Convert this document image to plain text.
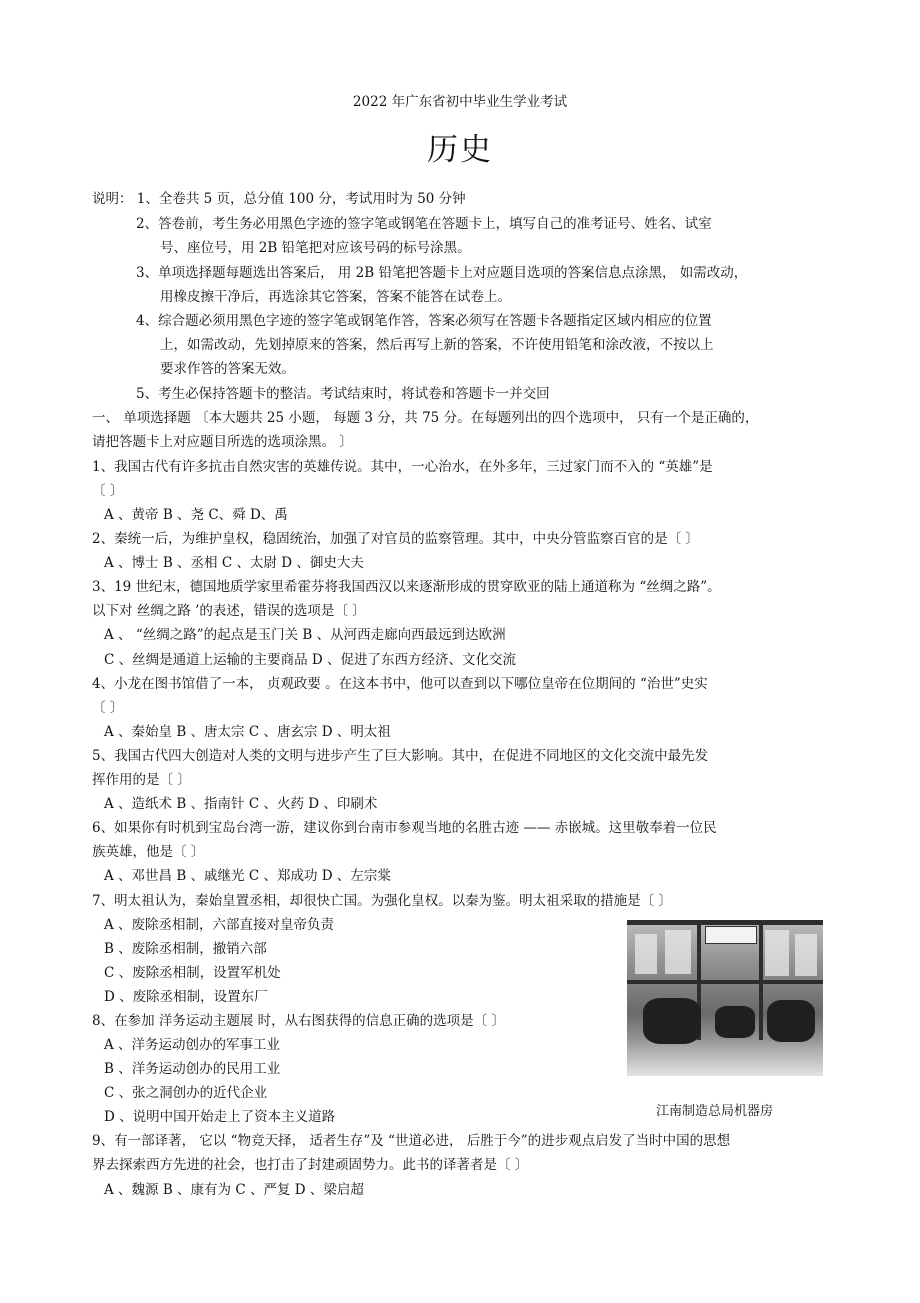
2022 年广东省初中毕业生学业考试
历史
说明： 1、全卷共 5 页，总分值 100 分，考试用时为 50 分钟
2、答卷前，考生务必用黑色字迹的签字笔或钢笔在答题卡上，填写自己的准考证号、姓名、试室
号、座位号，用 2B 铅笔把对应该号码的标号涂黑。
3、单项选择题每题选出答案后， 用 2B 铅笔把答题卡上对应题目选项的答案信息点涂黑， 如需改动，
用橡皮擦干净后，再选涂其它答案，答案不能答在试卷上。
4、综合题必须用黑色字迹的签字笔或钢笔作答，答案必须写在答题卡各题指定区域内相应的位置
上，如需改动，先划掉原来的答案，然后再写上新的答案，不许使用铅笔和涂改液，不按以上
要求作答的答案无效。
5、考生必保持答题卡的整洁。考试结束时，将试卷和答题卡一并交回
一、 单项选择题 〔本大题共 25 小题， 每题 3 分，共 75 分。在每题列出的四个选项中， 只有一个是正确的，
请把答题卡上对应题目所选的选项涂黑。 〕
1、我国古代有许多抗击自然灾害的英雄传说。其中，一心治水，在外多年，三过家门而不入的 “英雄”是
〔 〕
A 、黄帝 B 、尧 C、舜 D、禹
2、秦统一后，为维护皇权，稳固统治，加强了对官员的监察管理。其中，中央分管监察百官的是〔 〕
A 、博士 B 、丞相 C 、太尉 D 、御史大夫
3、19 世纪末，德国地质学家里希霍芬将我国西汉以来逐渐形成的贯穿欧亚的陆上通道称为 “丝绸之路”。
以下对 丝绸之路 ’的表述，错误的选项是〔 〕
A 、 “丝绸之路”的起点是玉门关 B 、从河西走廊向西最远到达欧洲
C 、丝绸是通道上运输的主要商品 D 、促进了东西方经济、文化交流
4、小龙在图书馆借了一本， 贞观政要 。在这本书中，他可以查到以下哪位皇帝在位期间的 “治世”史实
〔 〕
A 、秦始皇 B 、唐太宗 C 、唐玄宗 D 、明太祖
5、我国古代四大创造对人类的文明与进步产生了巨大影响。其中，在促进不同地区的文化交流中最先发
挥作用的是〔 〕
A 、造纸术 B 、指南针 C 、火药 D 、印刷术
6、如果你有时机到宝岛台湾一游，建议你到台南市参观当地的名胜古迹 —— 赤嵌城。这里敬奉着一位民
族英雄，他是〔 〕
A 、邓世昌 B 、戚继光 C 、郑成功 D 、左宗棠
7、明太祖认为，秦始皇置丞相，却很快亡国。为强化皇权。以秦为鉴。明太祖采取的措施是〔 〕
A 、废除丞相制，六部直接对皇帝负责
B 、废除丞相制，撤销六部
C 、废除丞相制，设置军机处
D 、废除丞相制，设置东厂
8、在参加 洋务运动主题展 时，从右图获得的信息正确的选项是〔 〕
A 、洋务运动创办的军事工业
B 、洋务运动创办的民用工业
C 、张之洞创办的近代企业
D 、说明中国开始走上了资本主义道路
9、有一部译著， 它以 “物竞天择， 适者生存”及 “世道必进， 后胜于今”的进步观点启发了当时中国的思想
界去探索西方先进的社会，也打击了封建顽固势力。此书的译著者是〔 〕
A 、魏源 B 、康有为 C 、严复 D 、梁启超
江南制造总局机器房
